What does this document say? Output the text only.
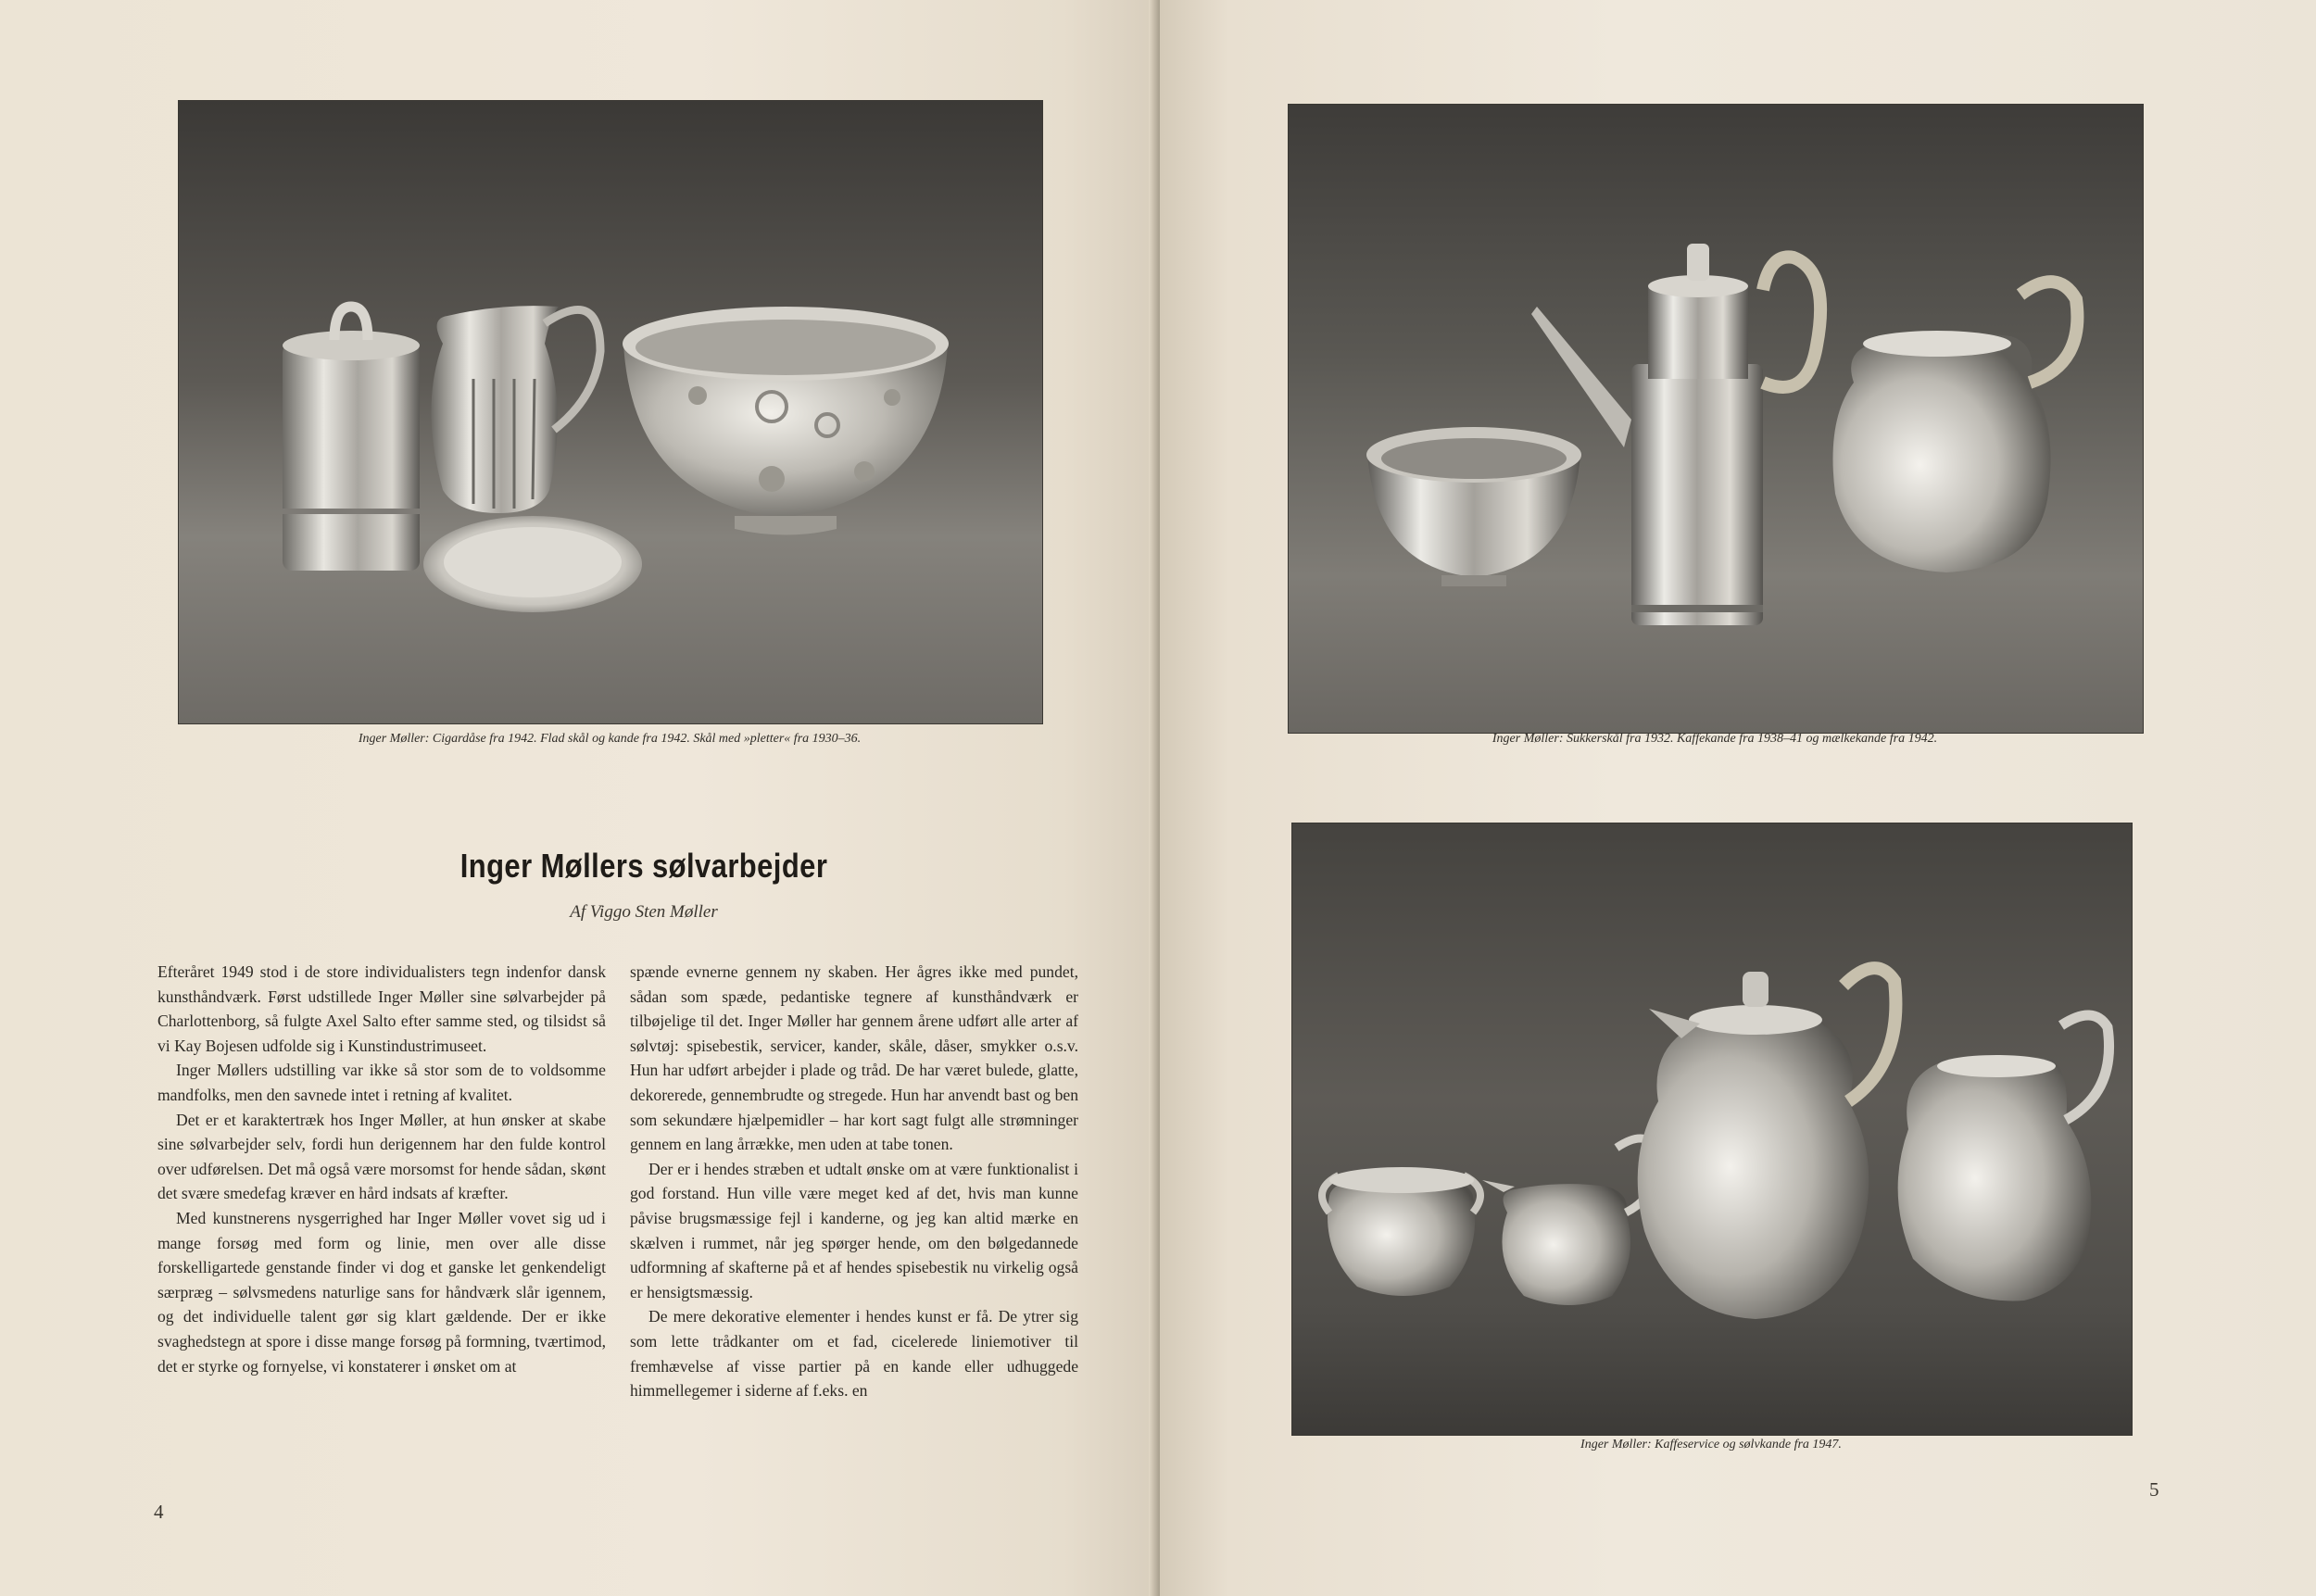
Inger Møller: Cigardåse fra 1942. Flad skål og kande fra 1942. Skål med »pletter« fra 1930–36.
Inger Møllers sølvarbejder
Af Viggo Sten Møller

Efteråret 1949 stod i de store individualisters tegn indenfor dansk kunsthåndværk. Først udstillede Inger Møller sine sølvarbejder på Charlottenborg, så fulgte Axel Salto efter samme sted, og tilsidst så vi Kay Bojesen udfolde sig i Kunstindustrimuseet.

Inger Møllers udstilling var ikke så stor som de to voldsomme mandfolks, men den savnede intet i retning af kvalitet.

Det er et karaktertræk hos Inger Møller, at hun ønsker at skabe sine sølvarbejder selv, fordi hun derigennem har den fulde kontrol over udførelsen. Det må også være morsomst for hende sådan, skønt det svære smedefag kræver en hård indsats af kræfter.

Med kunstnerens nysgerrighed har Inger Møller vovet sig ud i mange forsøg med form og linie, men over alle disse forskelligartede genstande finder vi dog et ganske let genkendeligt særpræg – sølvsmedens naturlige sans for håndværk slår igennem, og det individuelle talent gør sig klart gældende. Der er ikke svaghedstegn at spore i disse mange forsøg på formning, tværtimod, det er styrke og fornyelse, vi konstaterer i ønsket om at

spænde evnerne gennem ny skaben. Her ågres ikke med pundet, sådan som spæde, pedantiske tegnere af kunsthåndværk er tilbøjelige til det. Inger Møller har gennem årene udført alle arter af sølvtøj: spisebestik, servicer, kander, skåle, dåser, smykker o.s.v. Hun har udført arbejder i plade og tråd. De har været bulede, glatte, dekorerede, gennembrudte og stregede. Hun har anvendt bast og ben som sekundære hjælpemidler – har kort sagt fulgt alle strømninger gennem en lang årrække, men uden at tabe tonen.

Der er i hendes stræben et udtalt ønske om at være funktionalist i god forstand. Hun ville være meget ked af det, hvis man kunne påvise brugsmæssige fejl i kanderne, og jeg kan altid mærke en skælven i rummet, når jeg spørger hende, om den bølgedannede udformning af skafterne på et af hendes spisebestik nu virkelig også er hensigtsmæssig.

De mere dekorative elementer i hendes kunst er få. De ytrer sig som lette trådkanter om et fad, cicelerede liniemotiver til fremhævelse af visse partier på en kande eller udhuggede himmellegemer i siderne af f.eks. en

4
Inger Møller: Sukkerskål fra 1932. Kaffekande fra 1938–41 og mælkekande fra 1942.
Inger Møller: Kaffeservice og sølvkande fra 1947.
5
